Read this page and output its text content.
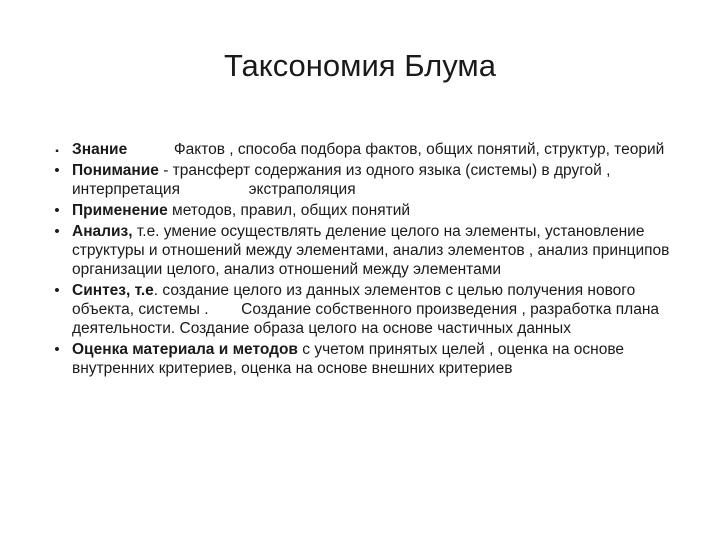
Таксономия Блума
▪ Знание	Фактов , способа подбора фактов, общих понятий, структур, теорий
• Понимание - трансферт содержания из одного языка (системы) в другой , интерпретация	экстраполяция
• Применение методов, правил, общих понятий
• Анализ, т.е. умение осуществлять деление целого на элементы, установление структуры и отношений между элементами, анализ элементов , анализ принципов организации целого, анализ отношений между элементами
• Синтез, т.е. создание целого из данных элементов с целью получения нового объекта, системы . Создание собственного произведения , разработка плана деятельности. Создание образа целого на основе частичных данных
• Оценка материала и методов с учетом принятых целей , оценка на основе внутренних критериев, оценка на основе внешних критериев
